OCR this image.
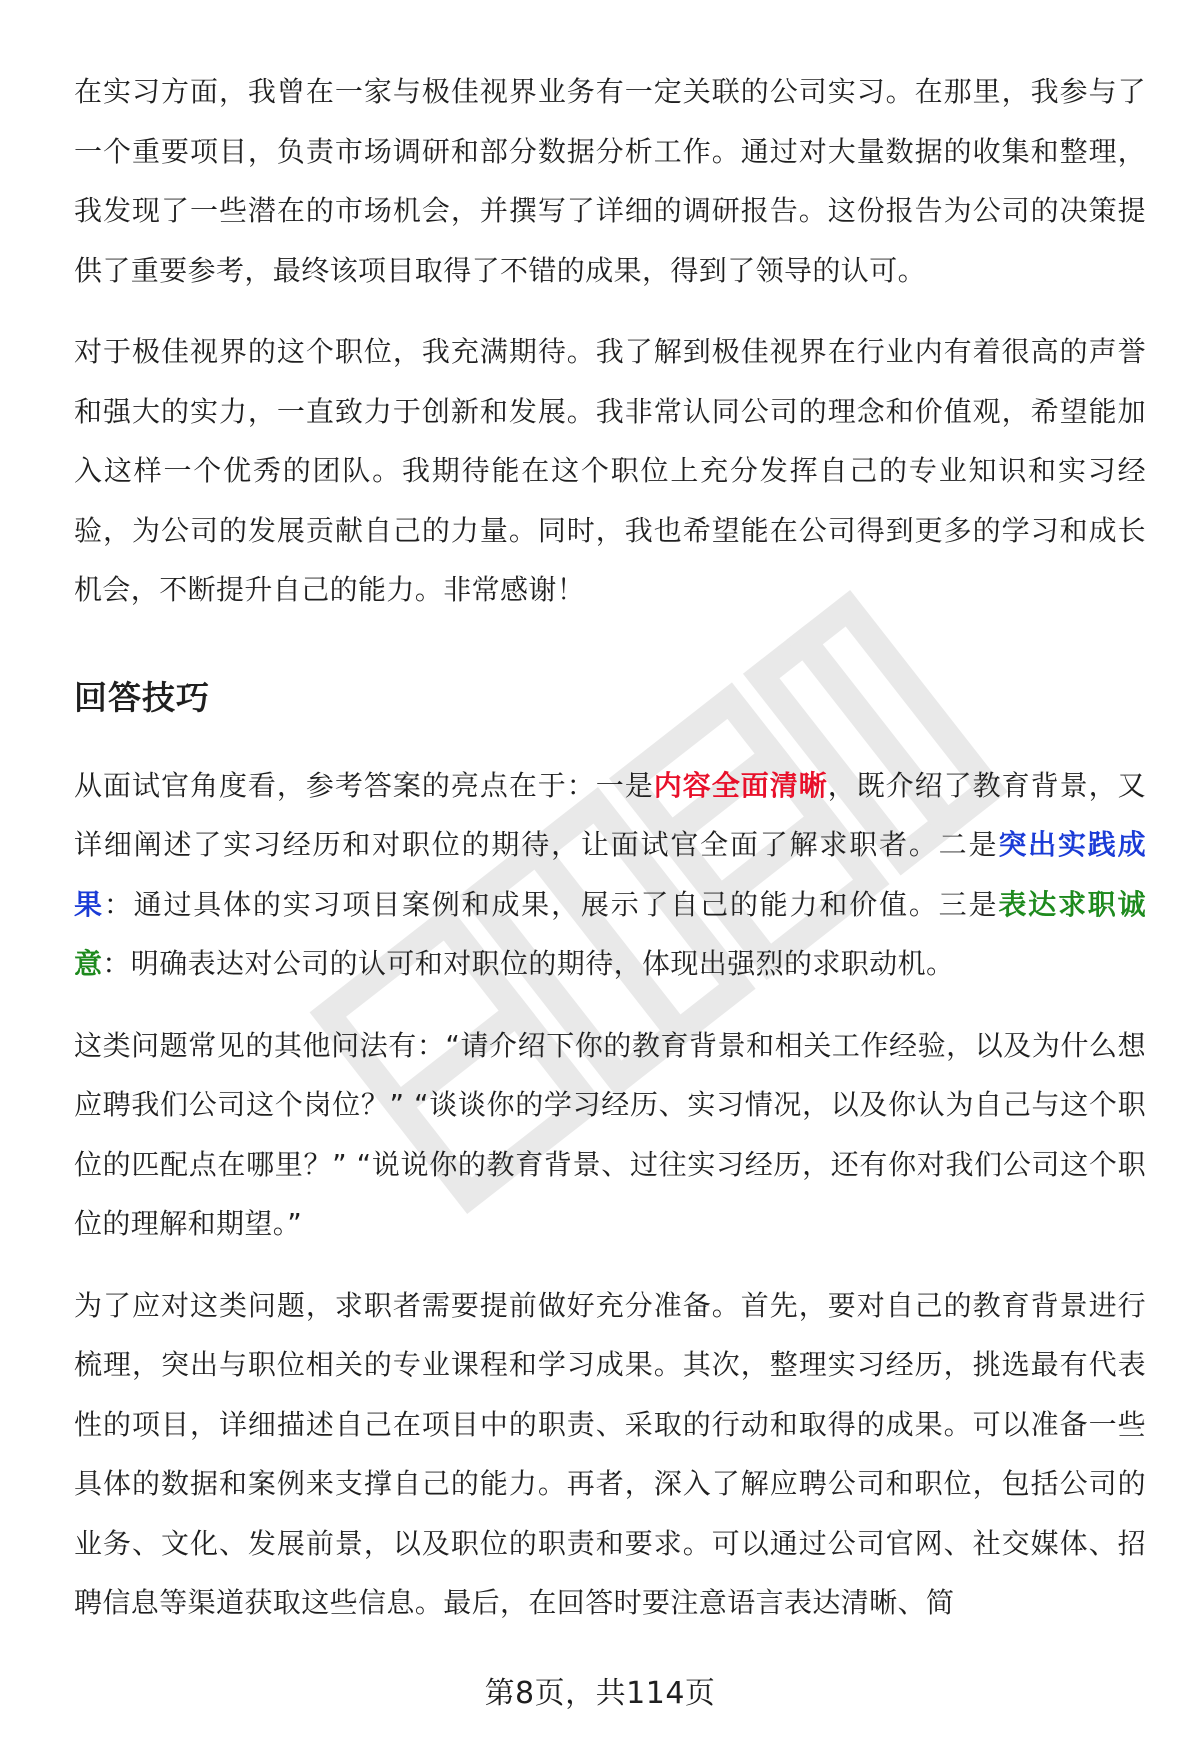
在实习方面，我曾在一家与极佳视界业务有一定关联的公司实习。在那里，我参与了一个重要项目，负责市场调研和部分数据分析工作。通过对大量数据的收集和整理，我发现了一些潜在的市场机会，并撰写了详细的调研报告。这份报告为公司的决策提供了重要参考，最终该项目取得了不错的成果，得到了领导的认可。

对于极佳视界的这个职位，我充满期待。我了解到极佳视界在行业内有着很高的声誉和强大的实力，一直致力于创新和发展。我非常认同公司的理念和价值观，希望能加入这样一个优秀的团队。我期待能在这个职位上充分发挥自己的专业知识和实习经验，为公司的发展贡献自己的力量。同时，我也希望能在公司得到更多的学习和成长机会，不断提升自己的能力。非常感谢！

回答技巧

从面试官角度看，参考答案的亮点在于：一是内容全面清晰，既介绍了教育背景，又详细阐述了实习经历和对职位的期待，让面试官全面了解求职者。二是突出实践成果：通过具体的实习项目案例和成果，展示了自己的能力和价值。三是表达求职诚意：明确表达对公司的认可和对职位的期待，体现出强烈的求职动机。

这类问题常见的其他问法有：“请介绍下你的教育背景和相关工作经验，以及为什么想应聘我们公司这个岗位？” “谈谈你的学习经历、实习情况，以及你认为自己与这个职位的匹配点在哪里？” “说说你的教育背景、过往实习经历，还有你对我们公司这个职位的理解和期望。”

为了应对这类问题，求职者需要提前做好充分准备。首先，要对自己的教育背景进行梳理，突出与职位相关的专业课程和学习成果。其次，整理实习经历，挑选最有代表性的项目，详细描述自己在项目中的职责、采取的行动和取得的成果。可以准备一些具体的数据和案例来支撑自己的能力。再者，深入了解应聘公司和职位，包括公司的业务、文化、发展前景，以及职位的职责和要求。可以通过公司官网、社交媒体、招聘信息等渠道获取这些信息。最后，在回答时要注意语言表达清晰、简

第8页，共114页
